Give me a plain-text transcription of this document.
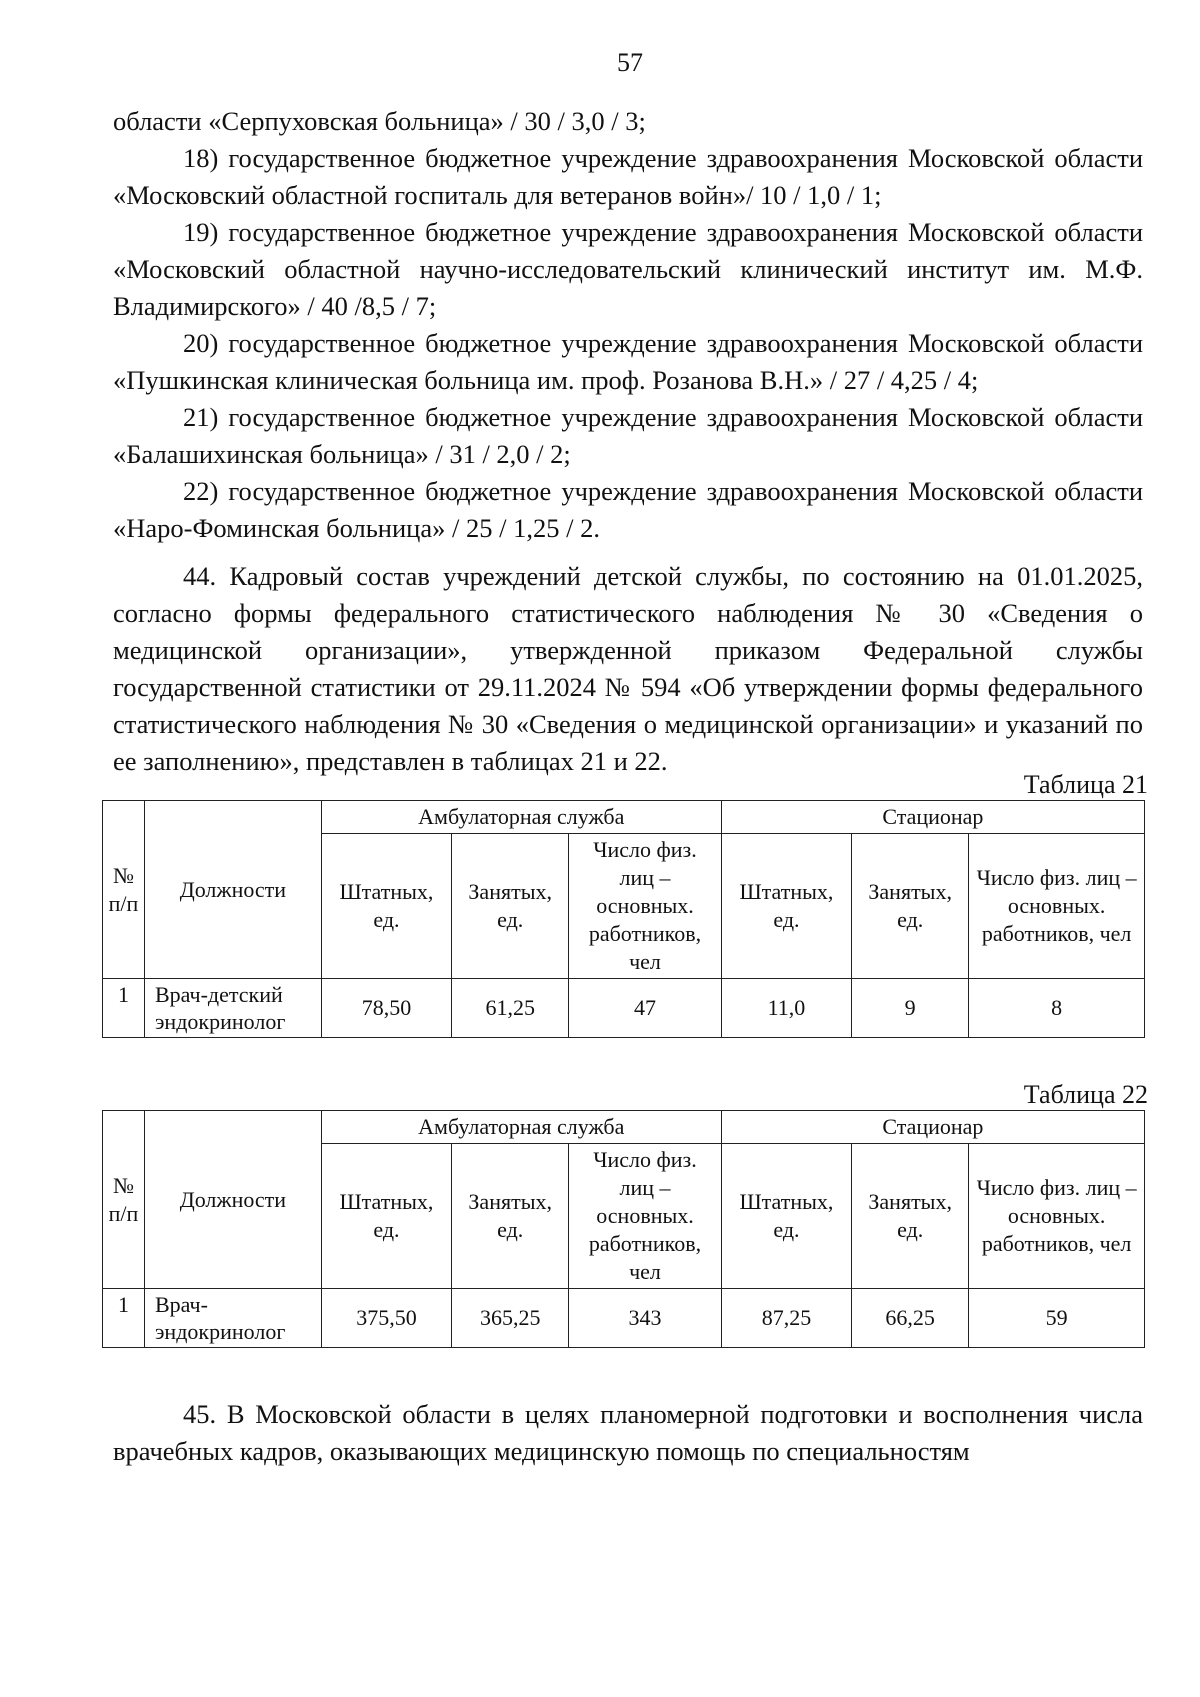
57

области «Серпуховская больница» / 30 / 3,0 / 3;

18) государственное бюджетное учреждение здравоохранения Московской области «Московский областной госпиталь для ветеранов войн»/ 10 / 1,0 / 1;

19) государственное бюджетное учреждение здравоохранения Московской области «Московский областной научно-исследовательский клинический институт им. М.Ф. Владимирского» / 40 /8,5 / 7;

20) государственное бюджетное учреждение здравоохранения Московской области «Пушкинская клиническая больница им. проф. Розанова В.Н.» / 27 / 4,25 / 4;

21) государственное бюджетное учреждение здравоохранения Московской области «Балашихинская больница» / 31 / 2,0 / 2;

22) государственное бюджетное учреждение здравоохранения Московской области «Наро-Фоминская больница» / 25 / 1,25 / 2.

44. Кадровый состав учреждений детской службы, по состоянию на 01.01.2025, согласно формы федерального статистического наблюдения № 30 «Сведения о медицинской организации», утвержденной приказом Федеральной службы государственной статистики от 29.11.2024 № 594 «Об утверждении формы федерального статистического наблюдения № 30 «Сведения о медицинской организации» и указаний по ее заполнению», представлен в таблицах 21 и 22.

Таблица 21
№ п/п	Должности	Амбулаторная служба			Стационар		
		Штатных, ед.	Занятых, ед.	Число физ. лиц – основных. работников, чел	Штатных, ед.	Занятых, ед.	Число физ. лиц – основных. работников, чел
1	Врач-детский эндокринолог	78,50	61,25	47	11,0	9	8
Таблица 22
№ п/п	Должности	Амбулаторная служба			Стационар		
		Штатных, ед.	Занятых, ед.	Число физ. лиц – основных. работников, чел	Штатных, ед.	Занятых, ед.	Число физ. лиц – основных. работников, чел
1	Врач-эндокринолог	375,50	365,25	343	87,25	66,25	59

45. В Московской области в целях планомерной подготовки и восполнения числа врачебных кадров, оказывающих медицинскую помощь по специальностям
